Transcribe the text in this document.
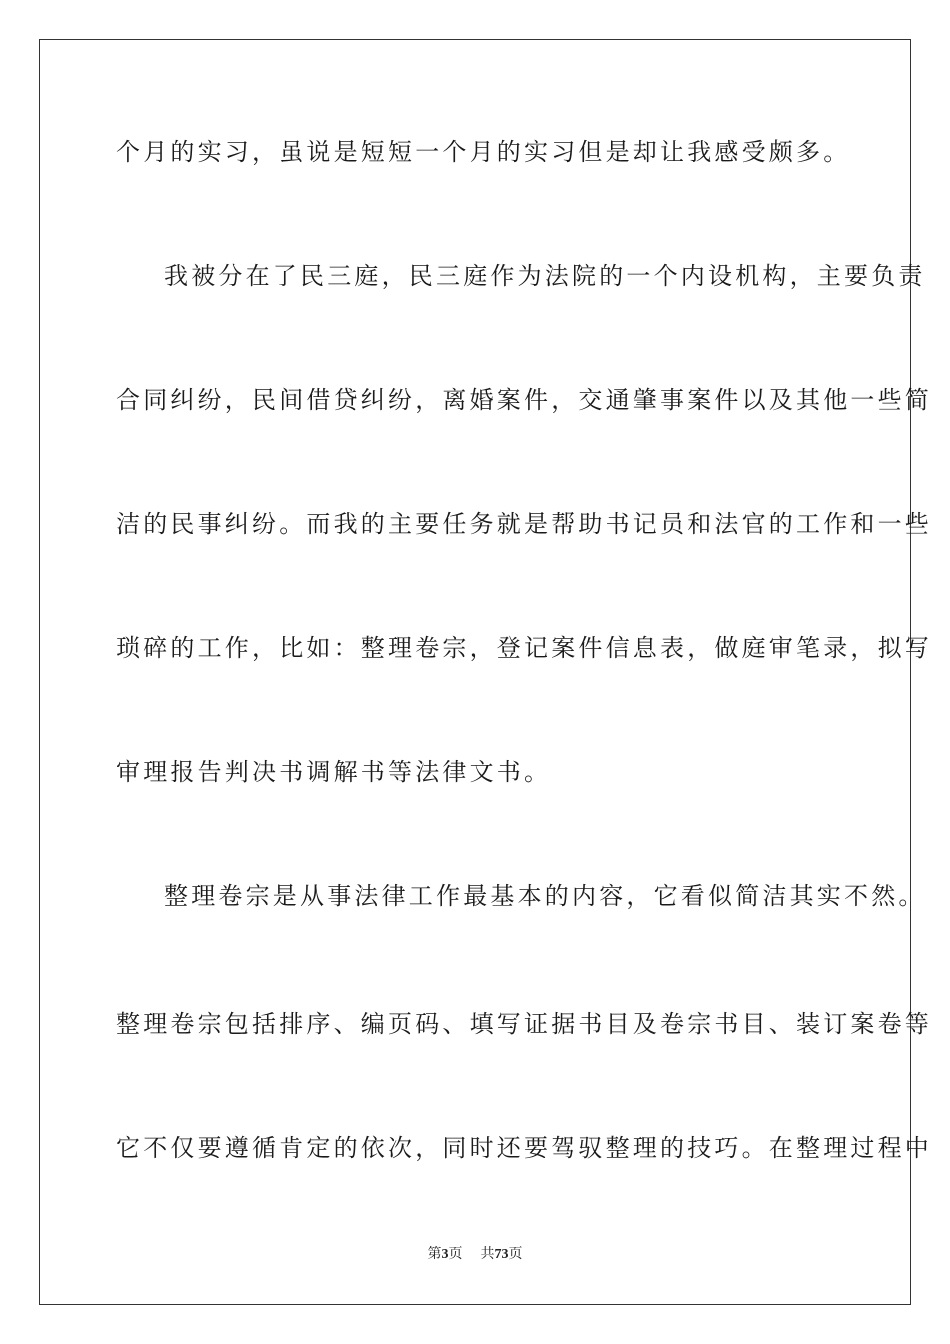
个月的实习，虽说是短短一个月的实习但是却让我感受颇多。
我被分在了民三庭，民三庭作为法院的一个内设机构，主要负责
合同纠纷，民间借贷纠纷，离婚案件，交通肇事案件以及其他一些简
洁的民事纠纷。而我的主要任务就是帮助书记员和法官的工作和一些
琐碎的工作，比如：整理卷宗，登记案件信息表，做庭审笔录，拟写
审理报告判决书调解书等法律文书。
整理卷宗是从事法律工作最基本的内容，它看似简洁其实不然。
整理卷宗包括排序、编页码、填写证据书目及卷宗书目、装订案卷等
它不仅要遵循肯定的依次，同时还要驾驭整理的技巧。在整理过程中
第3页 共73页
